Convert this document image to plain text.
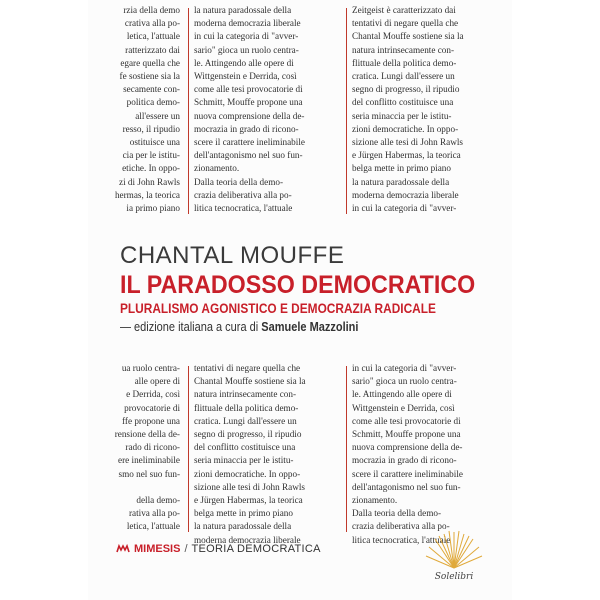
rzia della demo
crativa alla po-
letica, l'attuale
ratterizzato dai
egare quella che
fe sostiene sia la
secamente con-
politica demo-
all'essere un
resso, il ripudio
ostituisce una
cia per le istitu-
etiche. In oppo-
zi di John Rawls
hermas, la teorica
ia primo piano
la natura paradossale della
moderna democrazia liberale
in cui la categoria di "avver-
sario" gioca un ruolo centra-
le. Attingendo alle opere di
Wittgenstein e Derrida, così
come alle tesi provocatorie di
Schmitt, Mouffe propone una
nuova comprensione della de-
mocrazia in grado di ricono-
scere il carattere ineliminabile
dell'antagonismo nel suo fun-
zionamento.
Dalla teoria della demo-
crazia deliberativa alla po-
litica tecnocratica, l'attuale
Zeitgeist è caratterizzato dai
tentativi di negare quella che
Chantal Mouffe sostiene sia la
natura intrinsecamente con-
flittuale della politica demo-
cratica. Lungi dall'essere un
segno di progresso, il ripudio
del conflitto costituisce una
seria minaccia per le istitu-
zioni democratiche. In oppo-
sizione alle tesi di John Rawls
e Jürgen Habermas, la teorica
belga mette in primo piano
la natura paradossale della
moderna democrazia liberale
in cui la categoria di "avver-
ua ruolo centra-
alle opere di
e Derrida, così
provocatorie di
ffe propone una
rensione della de-
rado di ricono-
ere ineliminabile
smo nel suo fun-

della demo-
rativa alla po-
letica, l'attuale
tentativi di negare quella che
Chantal Mouffe sostiene sia la
natura intrinsecamente con-
flittuale della politica demo-
cratica. Lungi dall'essere un
segno di progresso, il ripudio
del conflitto costituisce una
seria minaccia per le istitu-
zioni democratiche. In oppo-
sizione alle tesi di John Rawls
e Jürgen Habermas, la teorica
belga mette in primo piano
la natura paradossale della
moderna democrazia liberale
in cui la categoria di "avver-
sario" gioca un ruolo centra-
le. Attingendo alle opere di
Wittgenstein e Derrida, così
come alle tesi provocatorie di
Schmitt, Mouffe propone una
nuova comprensione della de-
mocrazia in grado di ricono-
scere il carattere ineliminabile
dell'antagonismo nel suo fun-
zionamento.
Dalla teoria della demo-
crazia deliberativa alla po-
litica tecnocratica, l'attuale
CHANTAL MOUFFE
IL PARADOSSO DEMOCRATICO
PLURALISMO AGONISTICO E DEMOCRAZIA RADICALE
— edizione italiana a cura di Samuele Mazzolini
MIMESIS / TEORIA DEMOCRATICA
Solelibri
